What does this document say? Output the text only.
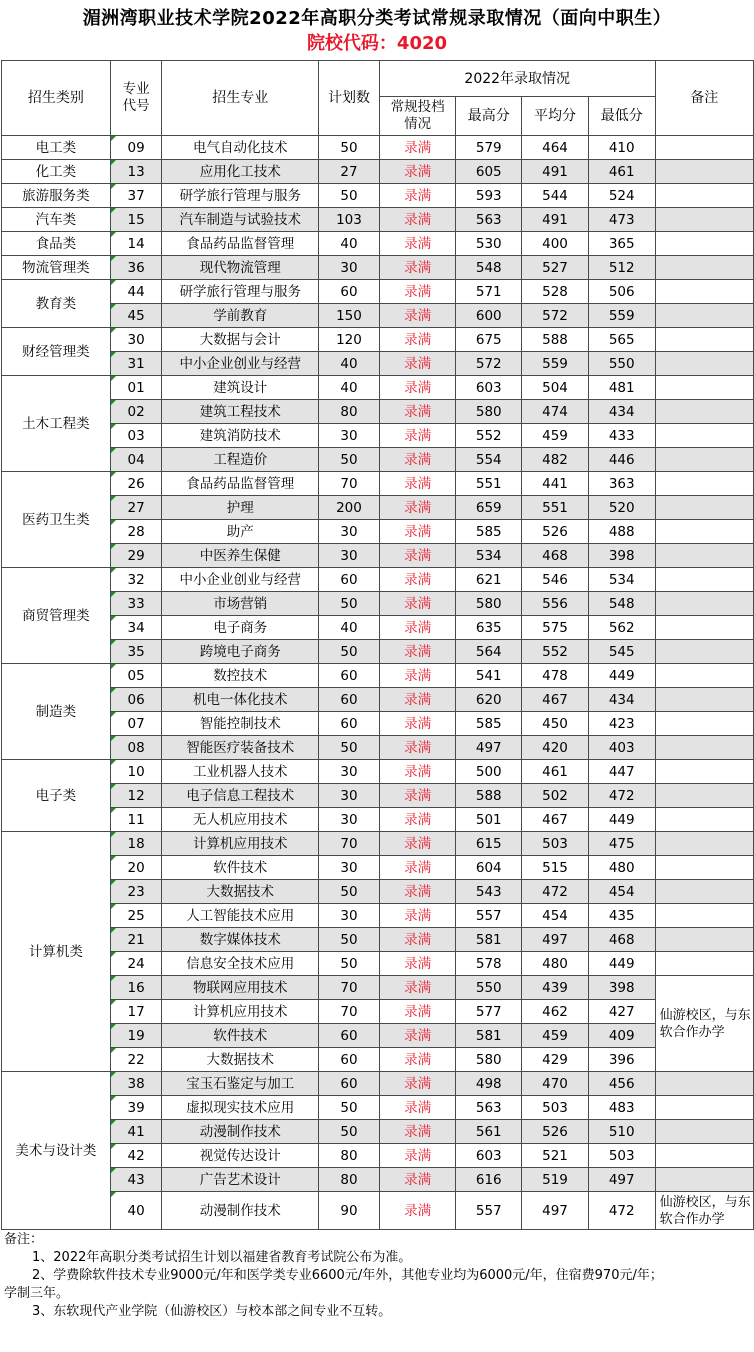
湄洲湾职业技术学院2022年高职分类考试常规录取情况（面向中职生）
院校代码：4020
招生类别	专业代号	招生专业	计划数	2022年录取情况				备注
				常规投档情况	最高分	平均分	最低分	
电工类	09	电气自动化技术	50	录满	579	464	410	
化工类	13	应用化工技术	27	录满	605	491	461	
旅游服务类	37	研学旅行管理与服务	50	录满	593	544	524	
汽车类	15	汽车制造与试验技术	103	录满	563	491	473	
食品类	14	食品药品监督管理	40	录满	530	400	365	
物流管理类	36	现代物流管理	30	录满	548	527	512	
教育类	44	研学旅行管理与服务	60	录满	571	528	506	
	45	学前教育	150	录满	600	572	559	
财经管理类	30	大数据与会计	120	录满	675	588	565	
	31	中小企业创业与经营	40	录满	572	559	550	
土木工程类	01	建筑设计	40	录满	603	504	481	
	02	建筑工程技术	80	录满	580	474	434	
	03	建筑消防技术	30	录满	552	459	433	
	04	工程造价	50	录满	554	482	446	
医药卫生类	26	食品药品监督管理	70	录满	551	441	363	
	27	护理	200	录满	659	551	520	
	28	助产	30	录满	585	526	488	
	29	中医养生保健	30	录满	534	468	398	
商贸管理类	32	中小企业创业与经营	60	录满	621	546	534	
	33	市场营销	50	录满	580	556	548	
	34	电子商务	40	录满	635	575	562	
	35	跨境电子商务	50	录满	564	552	545	
制造类	05	数控技术	60	录满	541	478	449	
	06	机电一体化技术	60	录满	620	467	434	
	07	智能控制技术	60	录满	585	450	423	
	08	智能医疗装备技术	50	录满	497	420	403	
电子类	10	工业机器人技术	30	录满	500	461	447	
	12	电子信息工程技术	30	录满	588	502	472	
	11	无人机应用技术	30	录满	501	467	449	
计算机类	18	计算机应用技术	70	录满	615	503	475	
	20	软件技术	30	录满	604	515	480	
	23	大数据技术	50	录满	543	472	454	
	25	人工智能技术应用	30	录满	557	454	435	
	21	数字媒体技术	50	录满	581	497	468	
	24	信息安全技术应用	50	录满	578	480	449	
	16	物联网应用技术	70	录满	550	439	398	仙游校区，与东软合作办学
	17	计算机应用技术	70	录满	577	462	427	
	19	软件技术	60	录满	581	459	409	
	22	大数据技术	60	录满	580	429	396	
美术与设计类	38	宝玉石鉴定与加工	60	录满	498	470	456	
	39	虚拟现实技术应用	50	录满	563	503	483	
	41	动漫制作技术	50	录满	561	526	510	
	42	视觉传达设计	80	录满	603	521	503	
	43	广告艺术设计	80	录满	616	519	497	
	40	动漫制作技术	90	录满	557	497	472	仙游校区，与东软合作办学
备注：
1、2022年高职分类考试招生计划以福建省教育考试院公布为准。
2、学费除软件技术专业9000元/年和医学类专业6600元/年外，其他专业均为6000元/年，住宿费970元/年；
学制三年。
3、东软现代产业学院（仙游校区）与校本部之间专业不互转。
